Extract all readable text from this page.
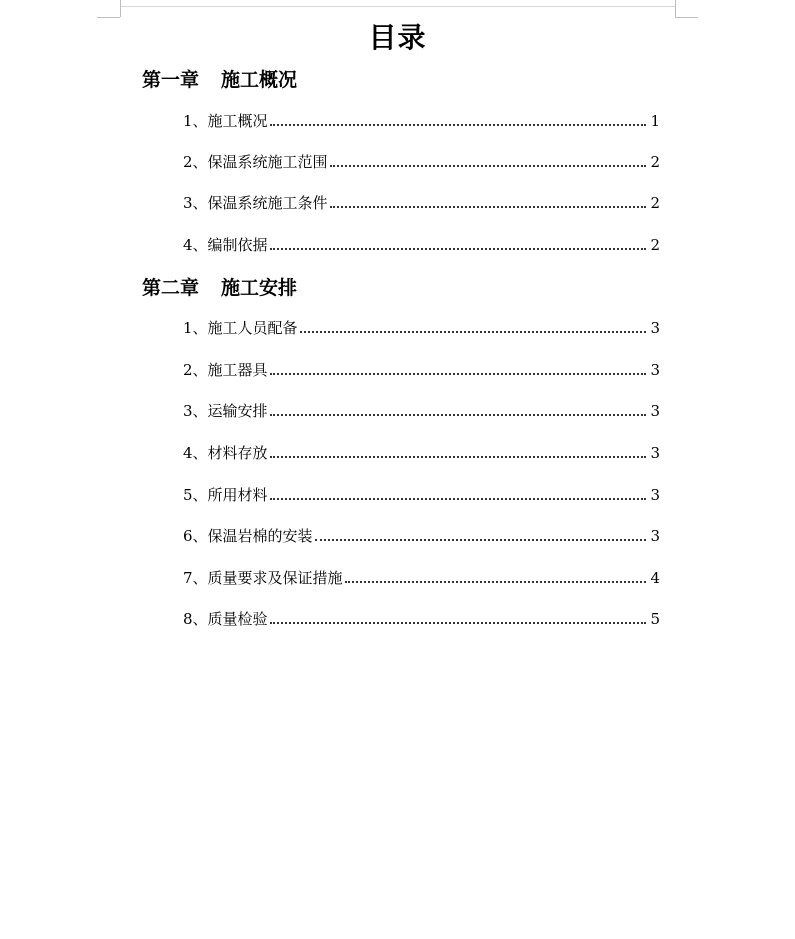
目录
第一章 施工概况
1、施工概况	1
2、保温系统施工范围	2
3、保温系统施工条件	2
4、编制依据	2
第二章 施工安排
1、施工人员配备	3
2、施工器具	3
3、运输安排	3
4、材料存放	3
5、所用材料	3
6、保温岩棉的安装	3
7、质量要求及保证措施	4
8、质量检验	5
